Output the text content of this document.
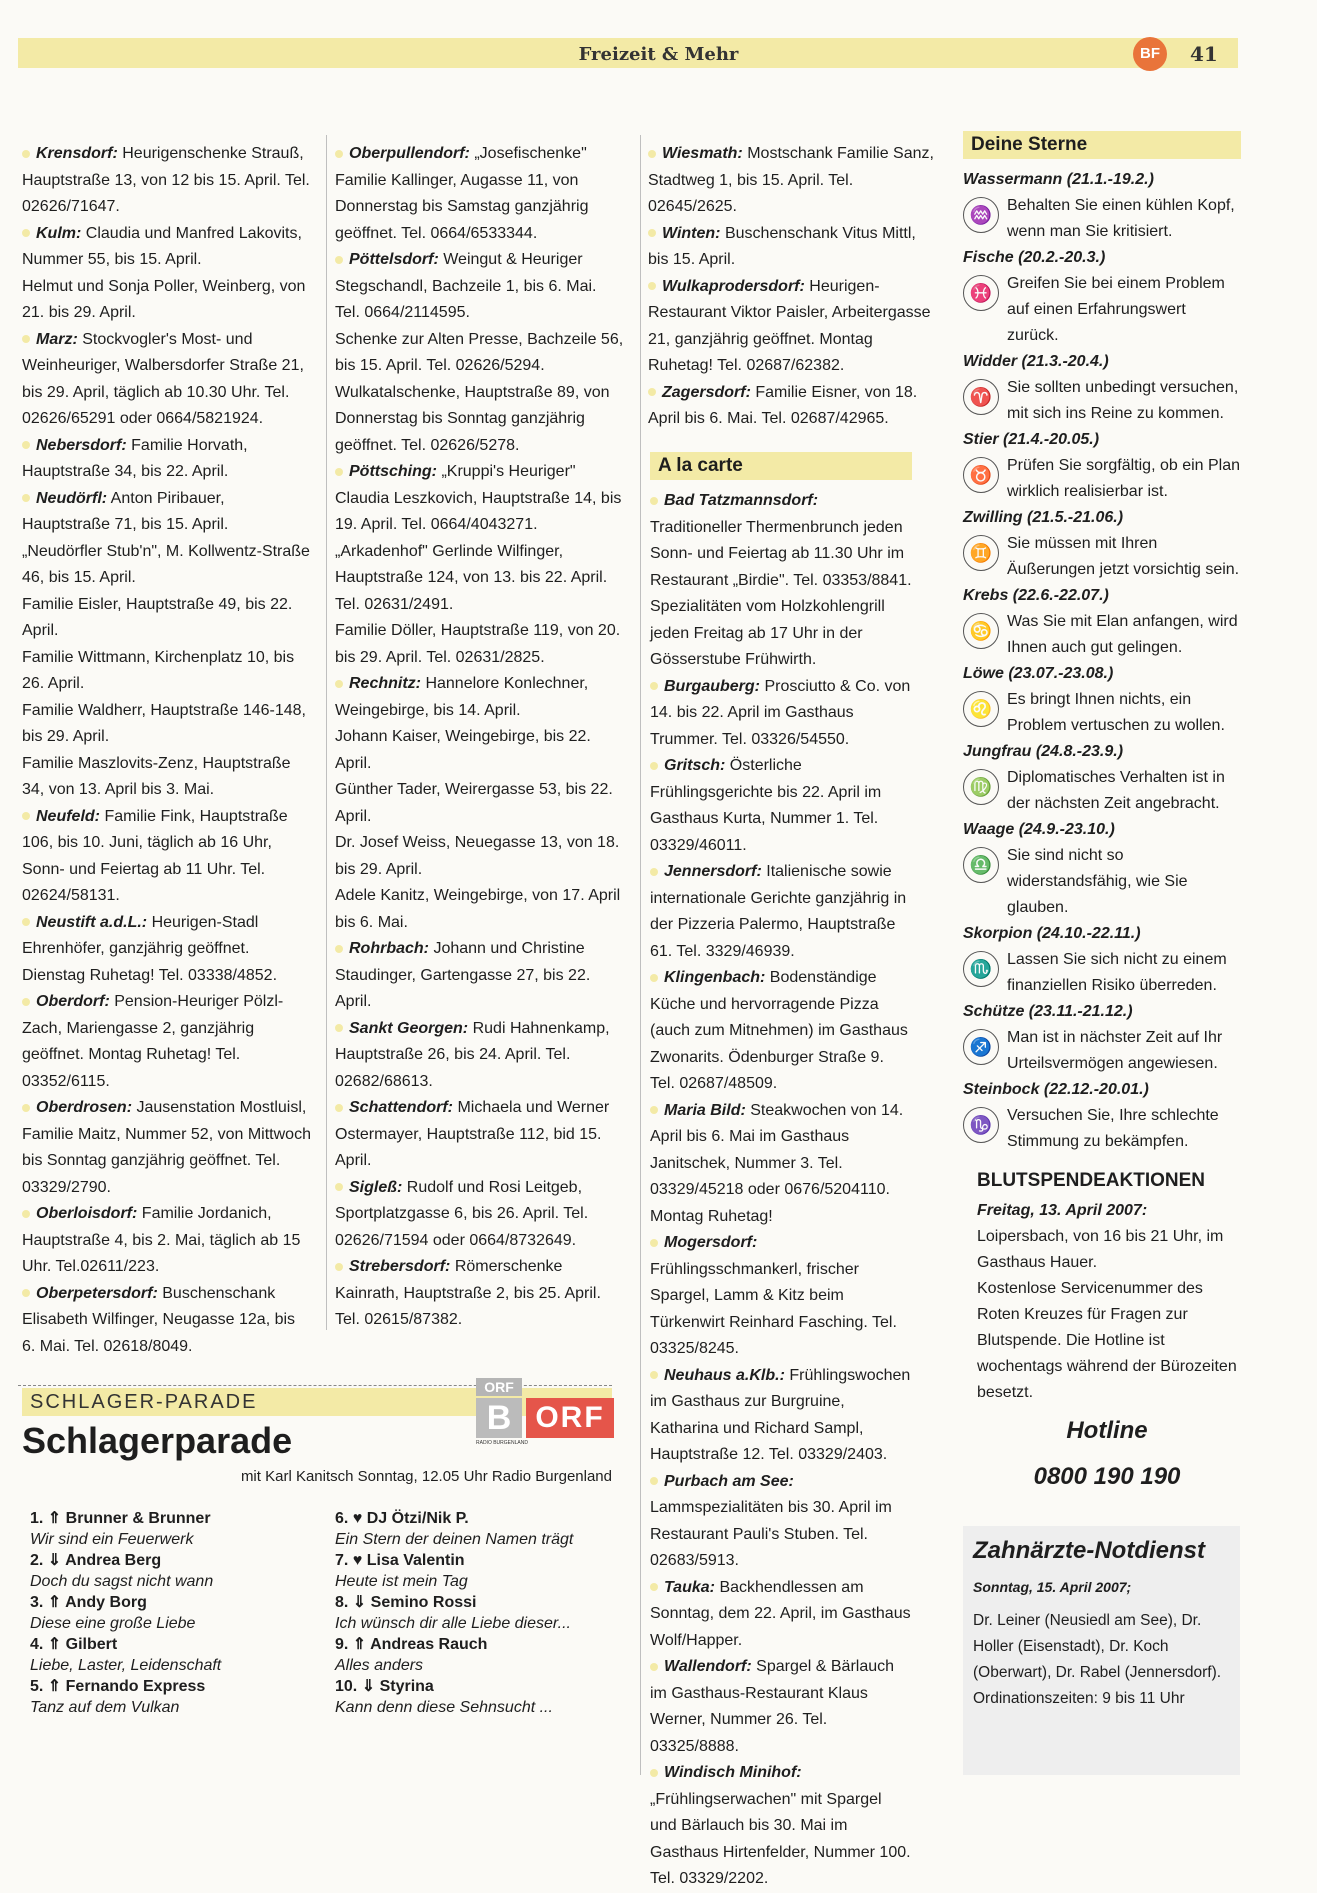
Freizeit & Mehr	BF	41
Krensdorf: Heurigenschenke Strauß, Hauptstraße 13, von 12 bis 15. April. Tel. 02626/71647.
Kulm: Claudia und Manfred Lakovits, Nummer 55, bis 15. April.
Helmut und Sonja Poller, Weinberg, von 21. bis 29. April.
Marz: Stockvogler's Most- und Weinheuriger, Walbersdorfer Straße 21, bis 29. April, täglich ab 10.30 Uhr. Tel. 02626/65291 oder 0664/5821924.
Nebersdorf: Familie Horvath, Hauptstraße 34, bis 22. April.
Neudörfl: Anton Piribauer, Hauptstraße 71, bis 15. April.
„Neudörfler Stub'n", M. Kollwentz-Straße 46, bis 15. April.
Familie Eisler, Hauptstraße 49, bis 22. April.
Familie Wittmann, Kirchenplatz 10, bis 26. April.
Familie Waldherr, Hauptstraße 146-148, bis 29. April.
Familie Maszlovits-Zenz, Hauptstraße 34, von 13. April bis 3. Mai.
Neufeld: Familie Fink, Hauptstraße 106, bis 10. Juni, täglich ab 16 Uhr, Sonn- und Feiertag ab 11 Uhr. Tel. 02624/58131.
Neustift a.d.L.: Heurigen-Stadl Ehrenhöfer, ganzjährig geöffnet. Dienstag Ruhetag! Tel. 03338/4852.
Oberdorf: Pension-Heuriger Pölzl-Zach, Mariengasse 2, ganzjährig geöffnet. Montag Ruhetag! Tel. 03352/6115.
Oberdrosen: Jausenstation Mostluisl, Familie Maitz, Nummer 52, von Mittwoch bis Sonntag ganzjährig geöffnet. Tel. 03329/2790.
Oberloisdorf: Familie Jordanich, Hauptstraße 4, bis 2. Mai, täglich ab 15 Uhr. Tel.02611/223.
Oberpetersdorf: Buschenschank Elisabeth Wilfinger, Neugasse 12a, bis 6. Mai. Tel. 02618/8049.
Oberpullendorf: „Josefischenke" Familie Kallinger, Augasse 11, von Donnerstag bis Samstag ganzjährig geöffnet. Tel. 0664/6533344.
Pöttelsdorf: Weingut & Heuriger Stegschandl, Bachzeile 1, bis 6. Mai. Tel. 0664/2114595.
Schenke zur Alten Presse, Bachzeile 56, bis 15. April. Tel. 02626/5294.
Wulkatalschenke, Hauptstraße 89, von Donnerstag bis Sonntag ganzjährig geöffnet. Tel. 02626/5278.
Pöttsching: „Kruppi's Heuriger" Claudia Leszkovich, Hauptstraße 14, bis 19. April. Tel. 0664/4043271.
„Arkadenhof" Gerlinde Wilfinger, Hauptstraße 124, von 13. bis 22. April. Tel. 02631/2491.
Familie Döller, Hauptstraße 119, von 20. bis 29. April. Tel. 02631/2825.
Rechnitz: Hannelore Konlechner, Weingebirge, bis 14. April.
Johann Kaiser, Weingebirge, bis 22. April.
Günther Tader, Weirergasse 53, bis 22. April.
Dr. Josef Weiss, Neuegasse 13, von 18. bis 29. April.
Adele Kanitz, Weingebirge, von 17. April bis 6. Mai.
Rohrbach: Johann und Christine Staudinger, Gartengasse 27, bis 22. April.
Sankt Georgen: Rudi Hahnenkamp, Hauptstraße 26, bis 24. April. Tel. 02682/68613.
Schattendorf: Michaela und Werner Ostermayer, Hauptstraße 112, bid 15. April.
Sigleß: Rudolf und Rosi Leitgeb, Sportplatzgasse 6, bis 26. April. Tel. 02626/71594 oder 0664/8732649.
Strebersdorf: Römerschenke Kainrath, Hauptstraße 2, bis 25. April. Tel. 02615/87382.
Wiesmath: Mostschank Familie Sanz, Stadtweg 1, bis 15. April. Tel. 02645/2625.
Winten: Buschenschank Vitus Mittl, bis 15. April.
Wulkaprodersdorf: Heurigen-Restaurant Viktor Paisler, Arbeitergasse 21, ganzjährig geöffnet. Montag Ruhetag! Tel. 02687/62382.
Zagersdorf: Familie Eisner, von 18. April bis 6. Mai. Tel. 02687/42965.
A la carte
Bad Tatzmannsdorf: Traditioneller Thermenbrunch jeden Sonn- und Feiertag ab 11.30 Uhr im Restaurant „Birdie". Tel. 03353/8841. Spezialitäten vom Holzkohlengrill jeden Freitag ab 17 Uhr in der Gösserstube Frühwirth.
Burgauberg: Prosciutto & Co. von 14. bis 22. April im Gasthaus Trummer. Tel. 03326/54550.
Gritsch: Österliche Frühlingsgerichte bis 22. April im Gasthaus Kurta, Nummer 1. Tel. 03329/46011.
Jennersdorf: Italienische sowie internationale Gerichte ganzjährig in der Pizzeria Palermo, Hauptstraße 61. Tel. 3329/46939.
Klingenbach: Bodenständige Küche und hervorragende Pizza (auch zum Mitnehmen) im Gasthaus Zwonarits. Ödenburger Straße 9. Tel. 02687/48509.
Maria Bild: Steakwochen von 14. April bis 6. Mai im Gasthaus Janitschek, Nummer 3. Tel. 03329/45218 oder 0676/5204110. Montag Ruhetag!
Mogersdorf: Frühlingsschmankerl, frischer Spargel, Lamm & Kitz beim Türkenwirt Reinhard Fasching. Tel. 03325/8245.
Neuhaus a.Klb.: Frühlingswochen im Gasthaus zur Burgruine, Katharina und Richard Sampl, Hauptstraße 12. Tel. 03329/2403.
Purbach am See: Lammspezialitäten bis 30. April im Restaurant Pauli's Stuben. Tel. 02683/5913.
Tauka: Backhendlessen am Sonntag, dem 22. April, im Gasthaus Wolf/Happer.
Wallendorf: Spargel & Bärlauch im Gasthaus-Restaurant Klaus Werner, Nummer 26. Tel. 03325/8888.
Windisch Minihof: „Frühlingserwachen" mit Spargel und Bärlauch bis 30. Mai im Gasthaus Hirtenfelder, Nummer 100. Tel. 03329/2202.
Deine Sterne
Wassermann (21.1.-19.2.)
♒ Behalten Sie einen kühlen Kopf, wenn man Sie kritisiert.
Fische (20.2.-20.3.)
♓ Greifen Sie bei einem Problem auf einen Erfahrungswert zurück.
Widder (21.3.-20.4.)
♈ Sie sollten unbedingt versuchen, mit sich ins Reine zu kommen.
Stier (21.4.-20.05.)
♉ Prüfen Sie sorgfältig, ob ein Plan wirklich realisierbar ist.
Zwilling (21.5.-21.06.)
♊ Sie müssen mit Ihren Äußerungen jetzt vorsichtig sein.
Krebs (22.6.-22.07.)
♋ Was Sie mit Elan anfangen, wird Ihnen auch gut gelingen.
Löwe (23.07.-23.08.)
♌ Es bringt Ihnen nichts, ein Problem vertuschen zu wollen.
Jungfrau (24.8.-23.9.)
♍ Diplomatisches Verhalten ist in der nächsten Zeit angebracht.
Waage (24.9.-23.10.)
♎ Sie sind nicht so widerstandsfähig, wie Sie glauben.
Skorpion (24.10.-22.11.)
♏ Lassen Sie sich nicht zu einem finanziellen Risiko überreden.
Schütze (23.11.-21.12.)
♐ Man ist in nächster Zeit auf Ihr Urteilsvermögen angewiesen.
Steinbock (22.12.-20.01.)
♑ Versuchen Sie, Ihre schlechte Stimmung zu bekämpfen.
BLUTSPENDEAKTIONEN
Freitag, 13. April 2007:
Loipersbach, von 16 bis 21 Uhr, im Gasthaus Hauer.
Kostenlose Servicenummer des Roten Kreuzes für Fragen zur Blutspende. Die Hotline ist wochentags während der Bürozeiten besetzt.
Hotline
0800 190 190
Zahnärzte-Notdienst
Sonntag, 15. April 2007;
Dr. Leiner (Neusiedl am See), Dr. Holler (Eisenstadt), Dr. Koch (Oberwart), Dr. Rabel (Jennersdorf).
Ordinationszeiten: 9 bis 11 Uhr
SCHLAGER-PARADE
Schlagerparade
ORF
B ORF
RADIO BURGENLAND
mit Karl Kanitsch Sonntag, 12.05 Uhr Radio Burgenland
1. ⇑ Brunner & Brunner
Wir sind ein Feuerwerk
2. ⇓ Andrea Berg
Doch du sagst nicht wann
3. ⇑ Andy Borg
Diese eine große Liebe
4. ⇑ Gilbert
Liebe, Laster, Leidenschaft
5. ⇑ Fernando Express
Tanz auf dem Vulkan
6. ♥ DJ Ötzi/Nik P.
Ein Stern der deinen Namen trägt
7. ♥ Lisa Valentin
Heute ist mein Tag
8. ⇓ Semino Rossi
Ich wünsch dir alle Liebe dieser...
9. ⇑ Andreas Rauch
Alles anders
10. ⇓ Styrina
Kann denn diese Sehnsucht ...
